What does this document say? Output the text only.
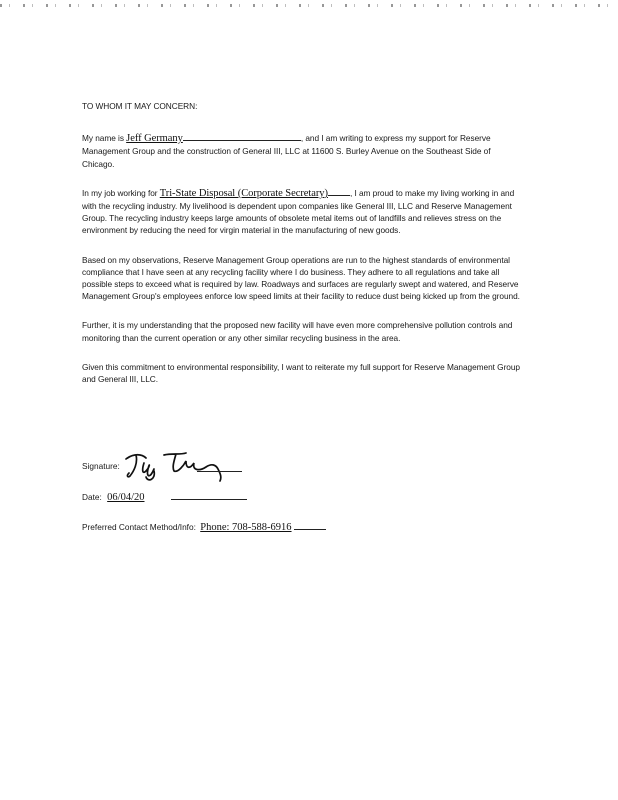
TO WHOM IT MAY CONCERN:

My name is Jeff Germany	, and I am writing to express my support for Reserve Management Group and the construction of General III, LLC at 11600 S. Burley Avenue on the Southeast Side of Chicago.

In my job working for Tri-State Disposal (Corporate Secretary)	, I am proud to make my living working in and with the recycling industry. My livelihood is dependent upon companies like General III, LLC and Reserve Management Group. The recycling industry keeps large amounts of obsolete metal items out of landfills and relieves stress on the environment by reducing the need for virgin material in the manufacturing of new goods.

Based on my observations, Reserve Management Group operations are run to the highest standards of environmental compliance that I have seen at any recycling facility where I do business. They adhere to all regulations and take all possible steps to exceed what is required by law. Roadways and surfaces are regularly swept and watered, and Reserve Management Group's employees enforce low speed limits at their facility to reduce dust being kicked up from the ground.

Further, it is my understanding that the proposed new facility will have even more comprehensive pollution controls and monitoring than the current operation or any other similar recycling business in the area.

Given this commitment to environmental responsibility, I want to reiterate my full support for Reserve Management Group and General III, LLC.

Signature:
Date: 06/04/20
Preferred Contact Method/Info: Phone: 708-588-6916
